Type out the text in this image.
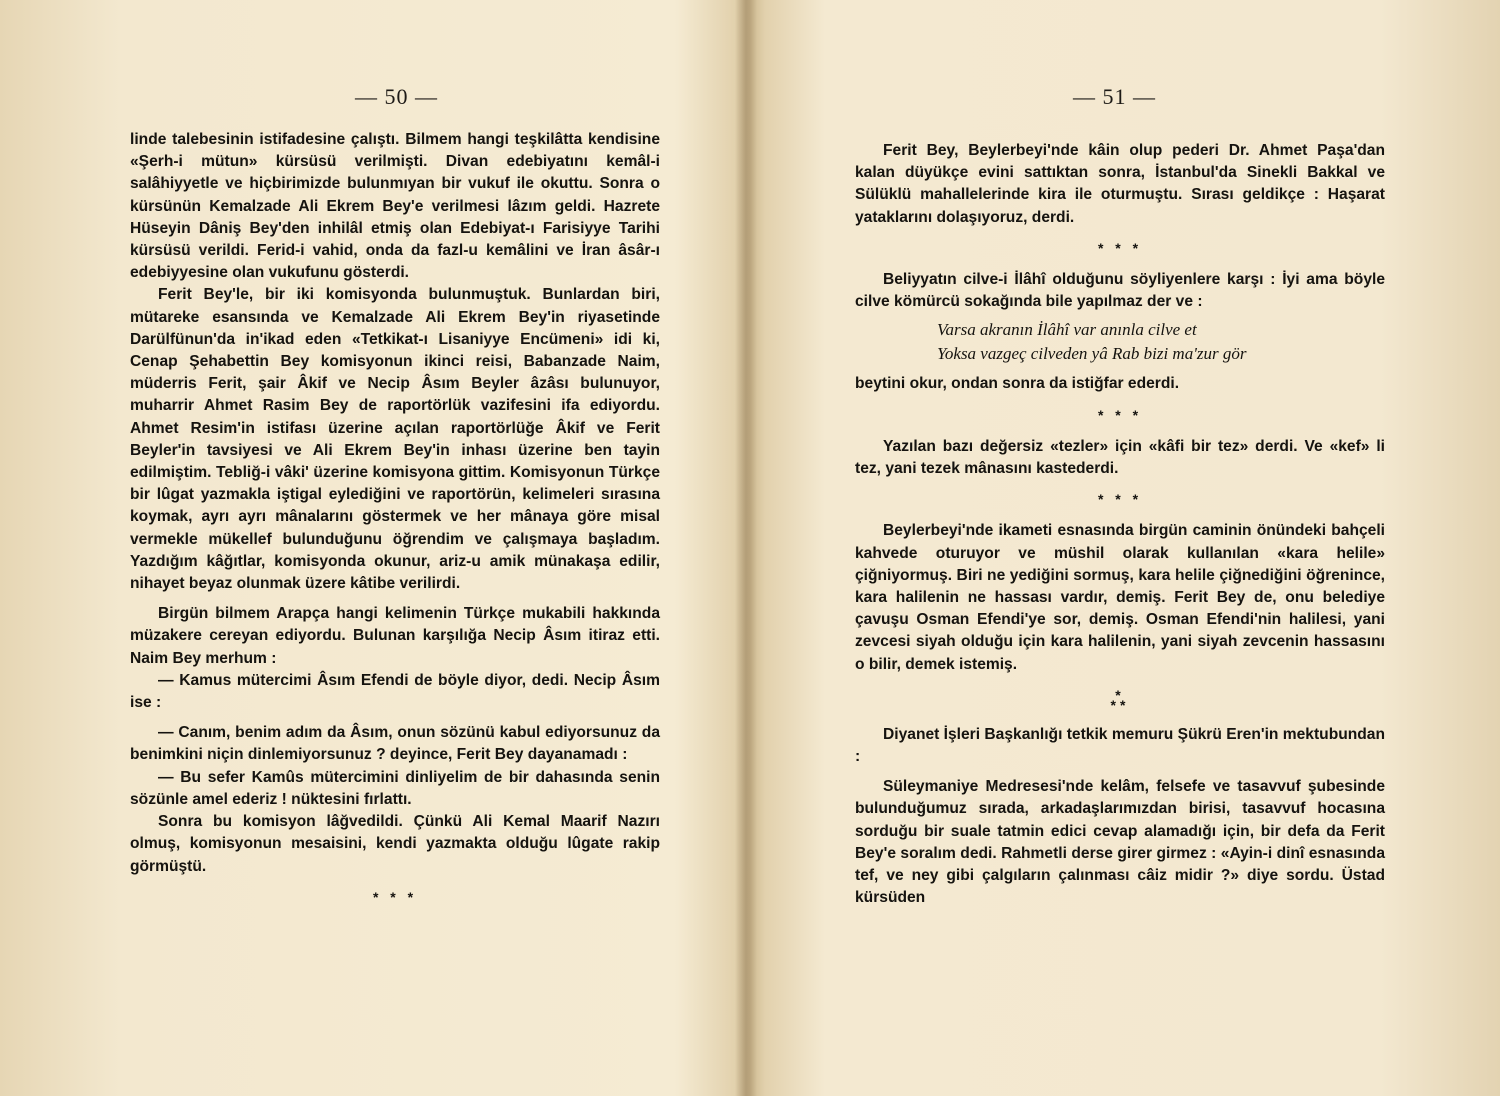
— 50 —

linde talebesinin istifadesine çalıştı. Bilmem hangi teşkilâtta kendisine «Şerh-i mütun» kürsüsü verilmişti. Divan edebiyatını kemâl-i salâhiyyetle ve hiçbirimizde bulunmıyan bir vukuf ile okuttu. Sonra o kürsünün Kemalzade Ali Ekrem Bey'e verilmesi lâzım geldi. Hazrete Hüseyin Dâniş Bey'den inhilâl etmiş olan Edebiyat-ı Farisiyye Tarihi kürsüsü verildi. Ferid-i vahid, onda da fazl-u kemâlini ve İran âsâr-ı edebiyyesine olan vukufunu gösterdi.

Ferit Bey'le, bir iki komisyonda bulunmuştuk. Bunlardan biri, mütareke esansında ve Kemalzade Ali Ekrem Bey'in riyasetinde Darülfünun'da in'ikad eden «Tetkikat-ı Lisaniyye Encümeni» idi ki, Cenap Şehabettin Bey komisyonun ikinci reisi, Babanzade Naim, müderris Ferit, şair Âkif ve Necip Âsım Beyler âzâsı bulunuyor, muharrir Ahmet Rasim Bey de raportörlük vazifesini ifa ediyordu. Ahmet Resim'in istifası üzerine açılan raportörlüğe Âkif ve Ferit Beyler'in tavsiyesi ve Ali Ekrem Bey'in inhası üzerine ben tayin edilmiştim. Tebliğ-i vâki' üzerine komisyona gittim. Komisyonun Türkçe bir lûgat yazmakla iştigal eylediğini ve raportörün, kelimeleri sırasına koymak, ayrı ayrı mânalarını göstermek ve her mânaya göre misal vermekle mükellef bulunduğunu öğrendim ve çalışmaya başladım. Yazdığım kâğıtlar, komisyonda okunur, ariz-u amik münakaşa edilir, nihayet beyaz olunmak üzere kâtibe verilirdi.

Birgün bilmem Arapça hangi kelimenin Türkçe mukabili hakkında müzakere cereyan ediyordu. Bulunan karşılığa Necip Âsım itiraz etti. Naim Bey merhum :

— Kamus mütercimi Âsım Efendi de böyle diyor, dedi. Necip Âsım ise :

— Canım, benim adım da Âsım, onun sözünü kabul ediyorsunuz da benimkini niçin dinlemiyorsunuz ? deyince, Ferit Bey dayanamadı :

— Bu sefer Kamûs mütercimini dinliyelim de bir dahasında senin sözünle amel ederiz ! nüktesini fırlattı.

Sonra bu komisyon lâğvedildi. Çünkü Ali Kemal Maarif Nazırı olmuş, komisyonun mesaisini, kendi yazmakta olduğu lûgate rakip görmüştü.

* * *

— 51 —

Ferit Bey, Beylerbeyi'nde kâin olup pederi Dr. Ahmet Paşa'dan kalan düyükçe evini sattıktan sonra, İstanbul'da Sinekli Bakkal ve Sülüklü mahallelerinde kira ile oturmuştu. Sırası geldikçe : Haşarat yataklarını dolaşıyoruz, derdi.

* * *

Beliyyatın cilve-i İlâhî olduğunu söyliyenlere karşı : İyi ama böyle cilve kömürcü sokağında bile yapılmaz der ve :

Varsa akranın İlâhî var anınla cilve et

Yoksa vazgeç cilveden yâ Rab bizi ma'zur gör

beytini okur, ondan sonra da istiğfar ederdi.

* * *

Yazılan bazı değersiz «tezler» için «kâfi bir tez» derdi. Ve «kef» li tez, yani tezek mânasını kastederdi.

* * *

Beylerbeyi'nde ikameti esnasında birgün caminin önündeki bahçeli kahvede oturuyor ve müshil olarak kullanılan «kara helile» çiğniyormuş. Biri ne yediğini sormuş, kara helile çiğnediğini öğrenince, kara halilenin ne hassası vardır, demiş. Ferit Bey de, onu belediye çavuşu Osman Efendi'ye sor, demiş. Osman Efendi'nin halilesi, yani zevcesi siyah olduğu için kara halilenin, yani siyah zevcenin hassasını o bilir, demek istemiş.

*
**

Diyanet İşleri Başkanlığı tetkik memuru Şükrü Eren'in mektubundan :

Süleymaniye Medresesi'nde kelâm, felsefe ve tasavvuf şubesinde bulunduğumuz sırada, arkadaşlarımızdan birisi, tasavvuf hocasına sorduğu bir suale tatmin edici cevap alamadığı için, bir defa da Ferit Bey'e soralım dedi. Rahmetli derse girer girmez : «Ayin-i dinî esnasında tef, ve ney gibi çalgıların çalınması câiz midir ?» diye sordu. Üstad kürsüden
